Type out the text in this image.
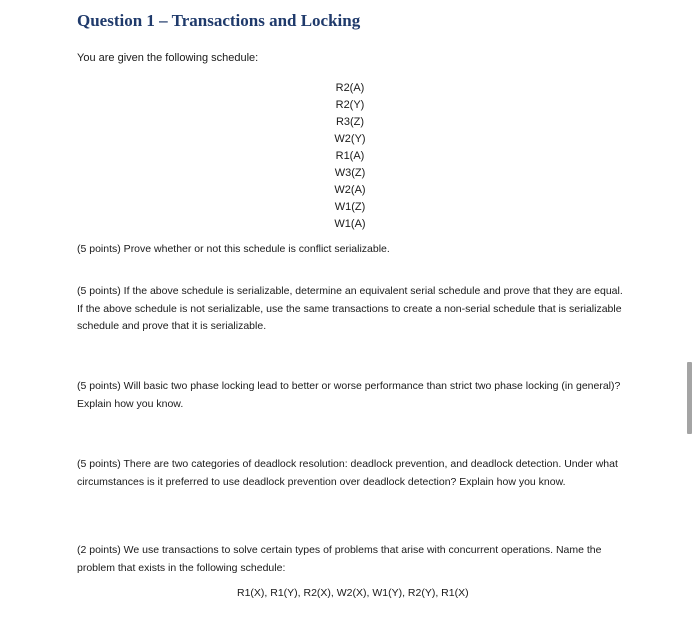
Question 1 – Transactions and Locking
You are given the following schedule:
R2(A)
R2(Y)
R3(Z)
W2(Y)
R1(A)
W3(Z)
W2(A)
W1(Z)
W1(A)
(5 points) Prove whether or not this schedule is conflict serializable.
(5 points) If the above schedule is serializable, determine an equivalent serial schedule and prove that they are equal. If the above schedule is not serializable, use the same transactions to create a non-serial schedule that is serializable schedule and prove that it is serializable.
(5 points) Will basic two phase locking lead to better or worse performance than strict two phase locking (in general)? Explain how you know.
(5 points) There are two categories of deadlock resolution: deadlock prevention, and deadlock detection. Under what circumstances is it preferred to use deadlock prevention over deadlock detection? Explain how you know.
(2 points) We use transactions to solve certain types of problems that arise with concurrent operations. Name the problem that exists in the following schedule:
R1(X), R1(Y), R2(X), W2(X), W1(Y), R2(Y), R1(X)
